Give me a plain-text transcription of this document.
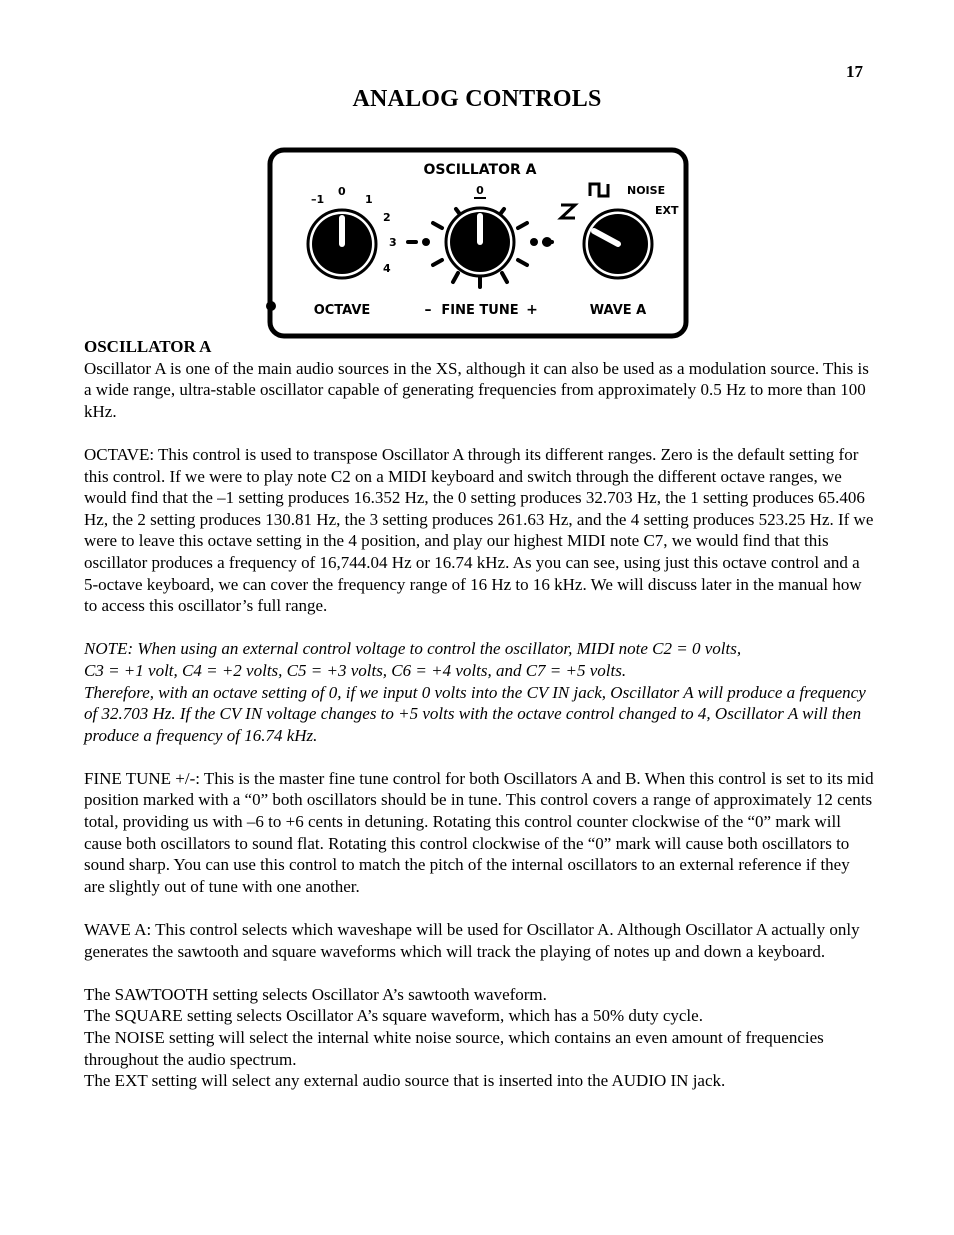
17
ANALOG CONTROLS
OSCILLATOR A
–1
0
1
2
3
4
OCTAVE
0
– FINE TUNE +
NOISE
EXT
WAVE A

OSCILLATOR A

Oscillator A is one of the main audio sources in the XS, although it can also be used as a modulation source. This is a wide range, ultra-stable oscillator capable of generating frequencies from approximately 0.5 Hz to more than 100 kHz.

OCTAVE: This control is used to transpose Oscillator A through its different ranges. Zero is the default setting for this control. If we were to play note C2 on a MIDI keyboard and switch through the different octave ranges, we would find that the –1 setting produces 16.352 Hz, the 0 setting produces 32.703 Hz, the 1 setting produces 65.406 Hz, the 2 setting produces 130.81 Hz, the 3 setting produces 261.63 Hz, and the 4 setting produces 523.25 Hz. If we were to leave this octave setting in the 4 position, and play our highest MIDI note C7, we would find that this oscillator produces a frequency of 16,744.04 Hz or 16.74 kHz. As you can see, using just this octave control and a 5-octave keyboard, we can cover the frequency range of 16 Hz to 16 kHz. We will discuss later in the manual how to access this oscillator’s full range.

NOTE: When using an external control voltage to control the oscillator, MIDI note C2 = 0 volts,

C3 = +1 volt, C4 = +2 volts, C5 = +3 volts, C6 = +4 volts, and C7 = +5 volts.

Therefore, with an octave setting of 0, if we input 0 volts into the CV IN jack, Oscillator A will produce a frequency of 32.703 Hz. If the CV IN voltage changes to +5 volts with the octave control changed to 4, Oscillator A will then produce a frequency of 16.74 kHz.

FINE TUNE +/-: This is the master fine tune control for both Oscillators A and B. When this control is set to its mid position marked with a “0” both oscillators should be in tune. This control covers a range of approximately 12 cents total, providing us with –6 to +6 cents in detuning. Rotating this control counter clockwise of the “0” mark will cause both oscillators to sound flat. Rotating this control clockwise of the “0” mark will cause both oscillators to sound sharp. You can use this control to match the pitch of the internal oscillators to an external reference if they are slightly out of tune with one another.

WAVE A: This control selects which waveshape will be used for Oscillator A. Although Oscillator A actually only generates the sawtooth and square waveforms which will track the playing of notes up and down a keyboard.

The SAWTOOTH setting selects Oscillator A’s sawtooth waveform.

The SQUARE setting selects Oscillator A’s square waveform, which has a 50% duty cycle.

The NOISE setting will select the internal white noise source, which contains an even amount of frequencies throughout the audio spectrum.

The EXT setting will select any external audio source that is inserted into the AUDIO IN jack.
